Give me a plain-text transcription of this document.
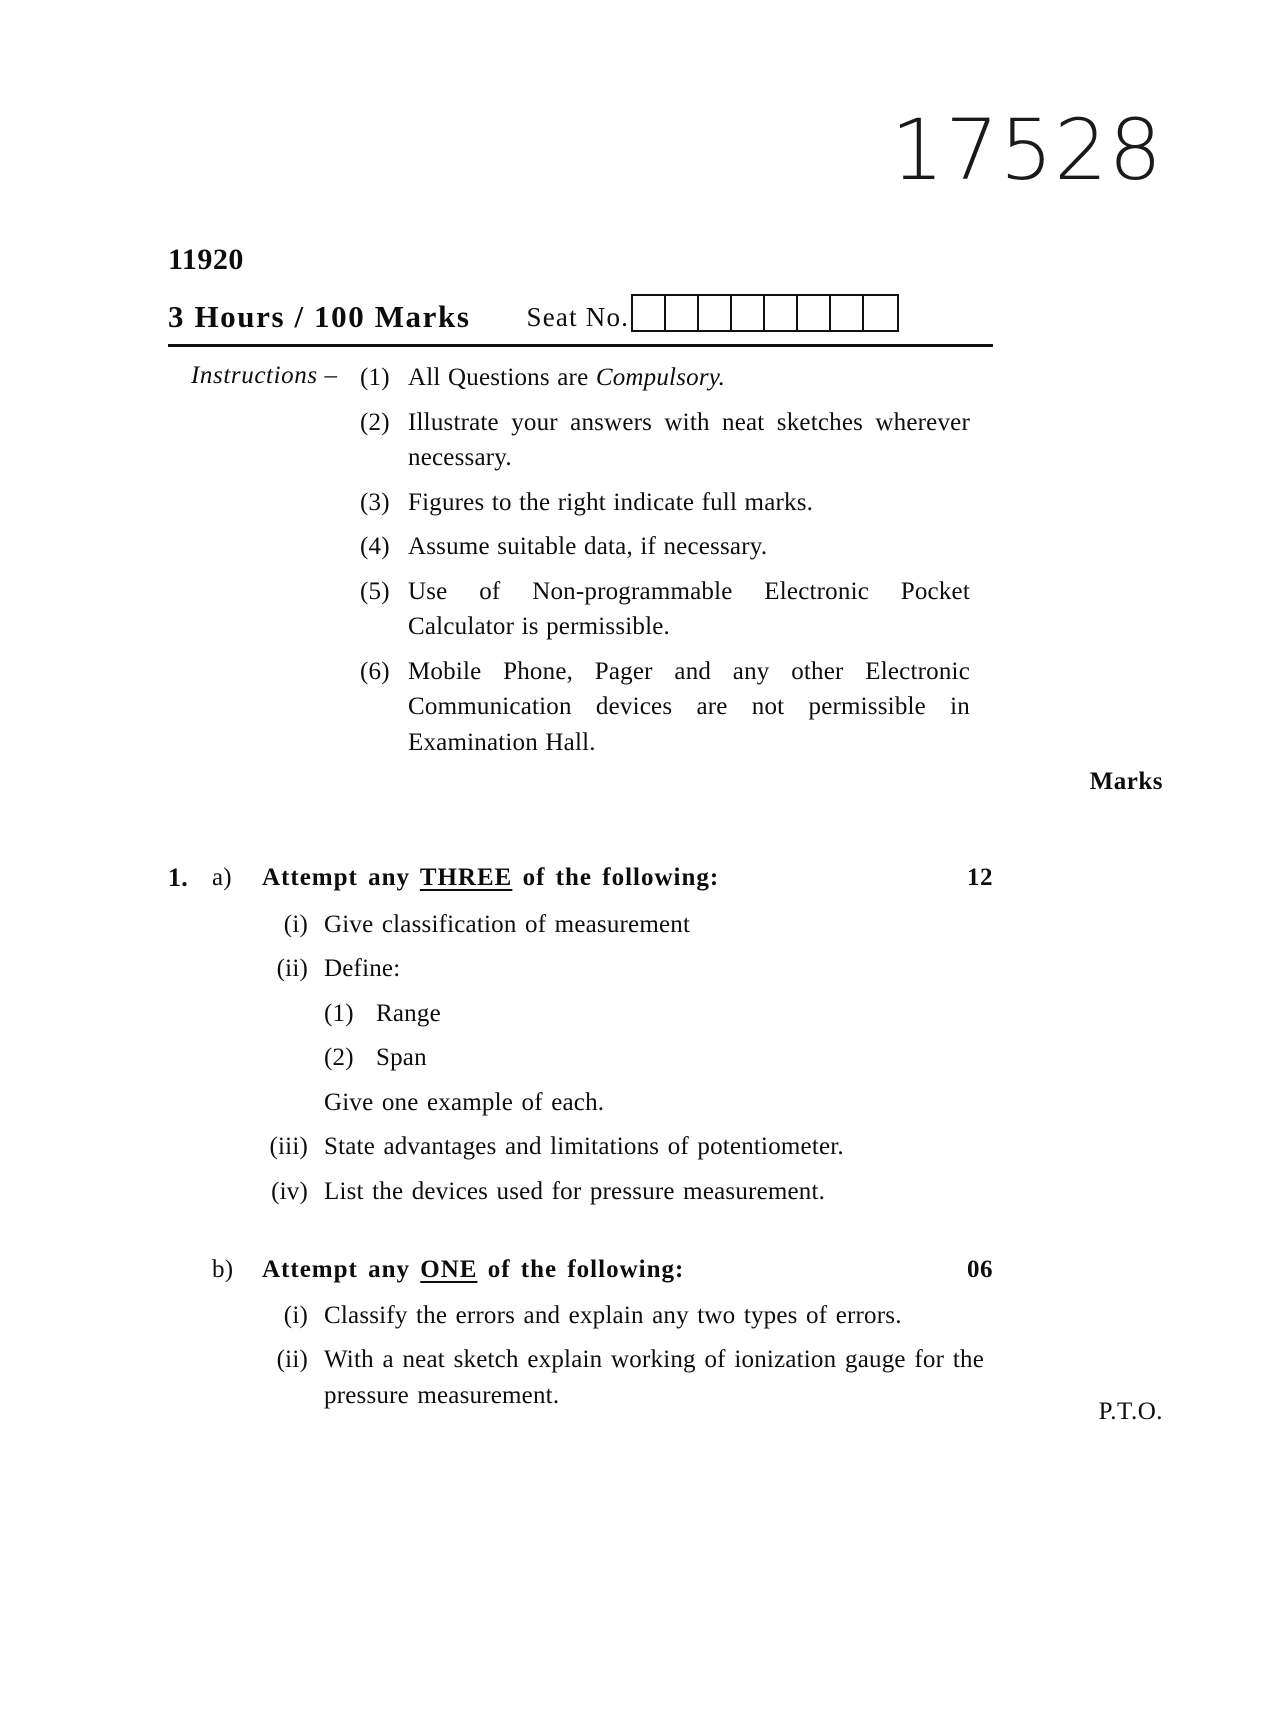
17528
11920
3 Hours / 100 Marks Seat No.
Instructions – (1) All Questions are Compulsory.
(2) Illustrate your answers with neat sketches wherever necessary.
(3) Figures to the right indicate full marks.
(4) Assume suitable data, if necessary.
(5) Use of Non-programmable Electronic Pocket Calculator is permissible.
(6) Mobile Phone, Pager and any other Electronic Communication devices are not permissible in Examination Hall.
Marks
1. a)	Attempt any THREE of the following:	12
(i) Give classification of measurement
(ii) Define:
(1) Range
(2) Span
Give one example of each.
(iii) State advantages and limitations of potentiometer.
(iv) List the devices used for pressure measurement.
b)	Attempt any ONE of the following:	06
(i) Classify the errors and explain any two types of errors.
(ii) With a neat sketch explain working of ionization gauge for the pressure measurement.
P.T.O.
